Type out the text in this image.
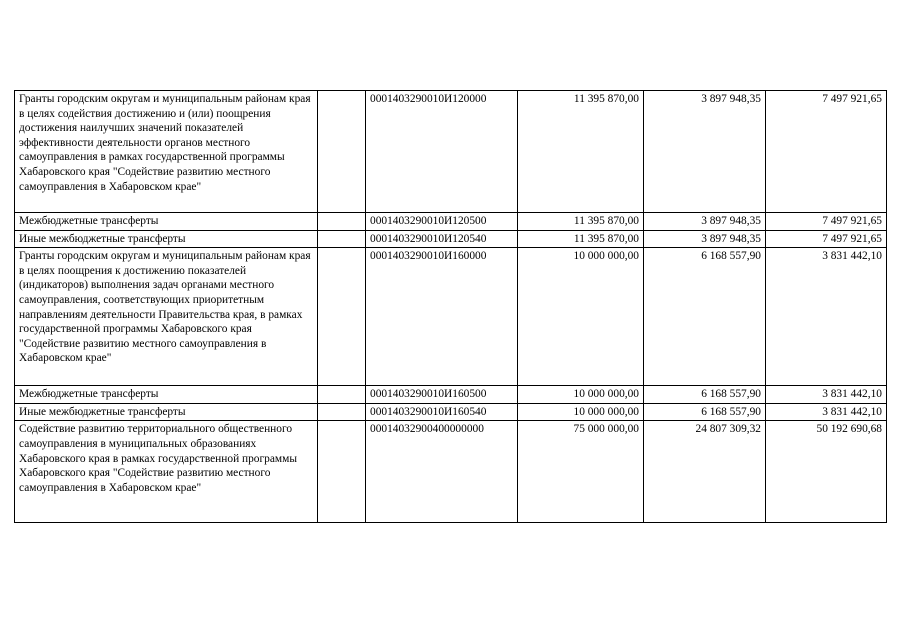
Гранты городским округам и муниципальным районам края в целях содействия достижению и (или) поощрения достижения наилучших значений показателей эффективности деятельности органов местного самоуправления в рамках государственной программы Хабаровского края "Содействие развитию местного самоуправления в Хабаровском крае"		0001403290010И120000	11 395 870,00	3 897 948,35	7 497 921,65
Межбюджетные трансферты		0001403290010И120500	11 395 870,00	3 897 948,35	7 497 921,65
Иные межбюджетные трансферты		0001403290010И120540	11 395 870,00	3 897 948,35	7 497 921,65
Гранты городским округам и муниципальным районам края в целях поощрения к достижению показателей (индикаторов) выполнения задач органами местного самоуправления, соответствующих приоритетным направлениям деятельности Правительства края, в рамках государственной программы Хабаровского края "Содействие развитию местного самоуправления в Хабаровском крае"		0001403290010И160000	10 000 000,00	6 168 557,90	3 831 442,10
Межбюджетные трансферты		0001403290010И160500	10 000 000,00	6 168 557,90	3 831 442,10
Иные межбюджетные трансферты		0001403290010И160540	10 000 000,00	6 168 557,90	3 831 442,10
Содействие развитию территориального общественного самоуправления в муниципальных образованиях Хабаровского края в рамках государственной программы Хабаровского края "Содействие развитию местного самоуправления в Хабаровском крае"		00014032900400000000	75 000 000,00	24 807 309,32	50 192 690,68
